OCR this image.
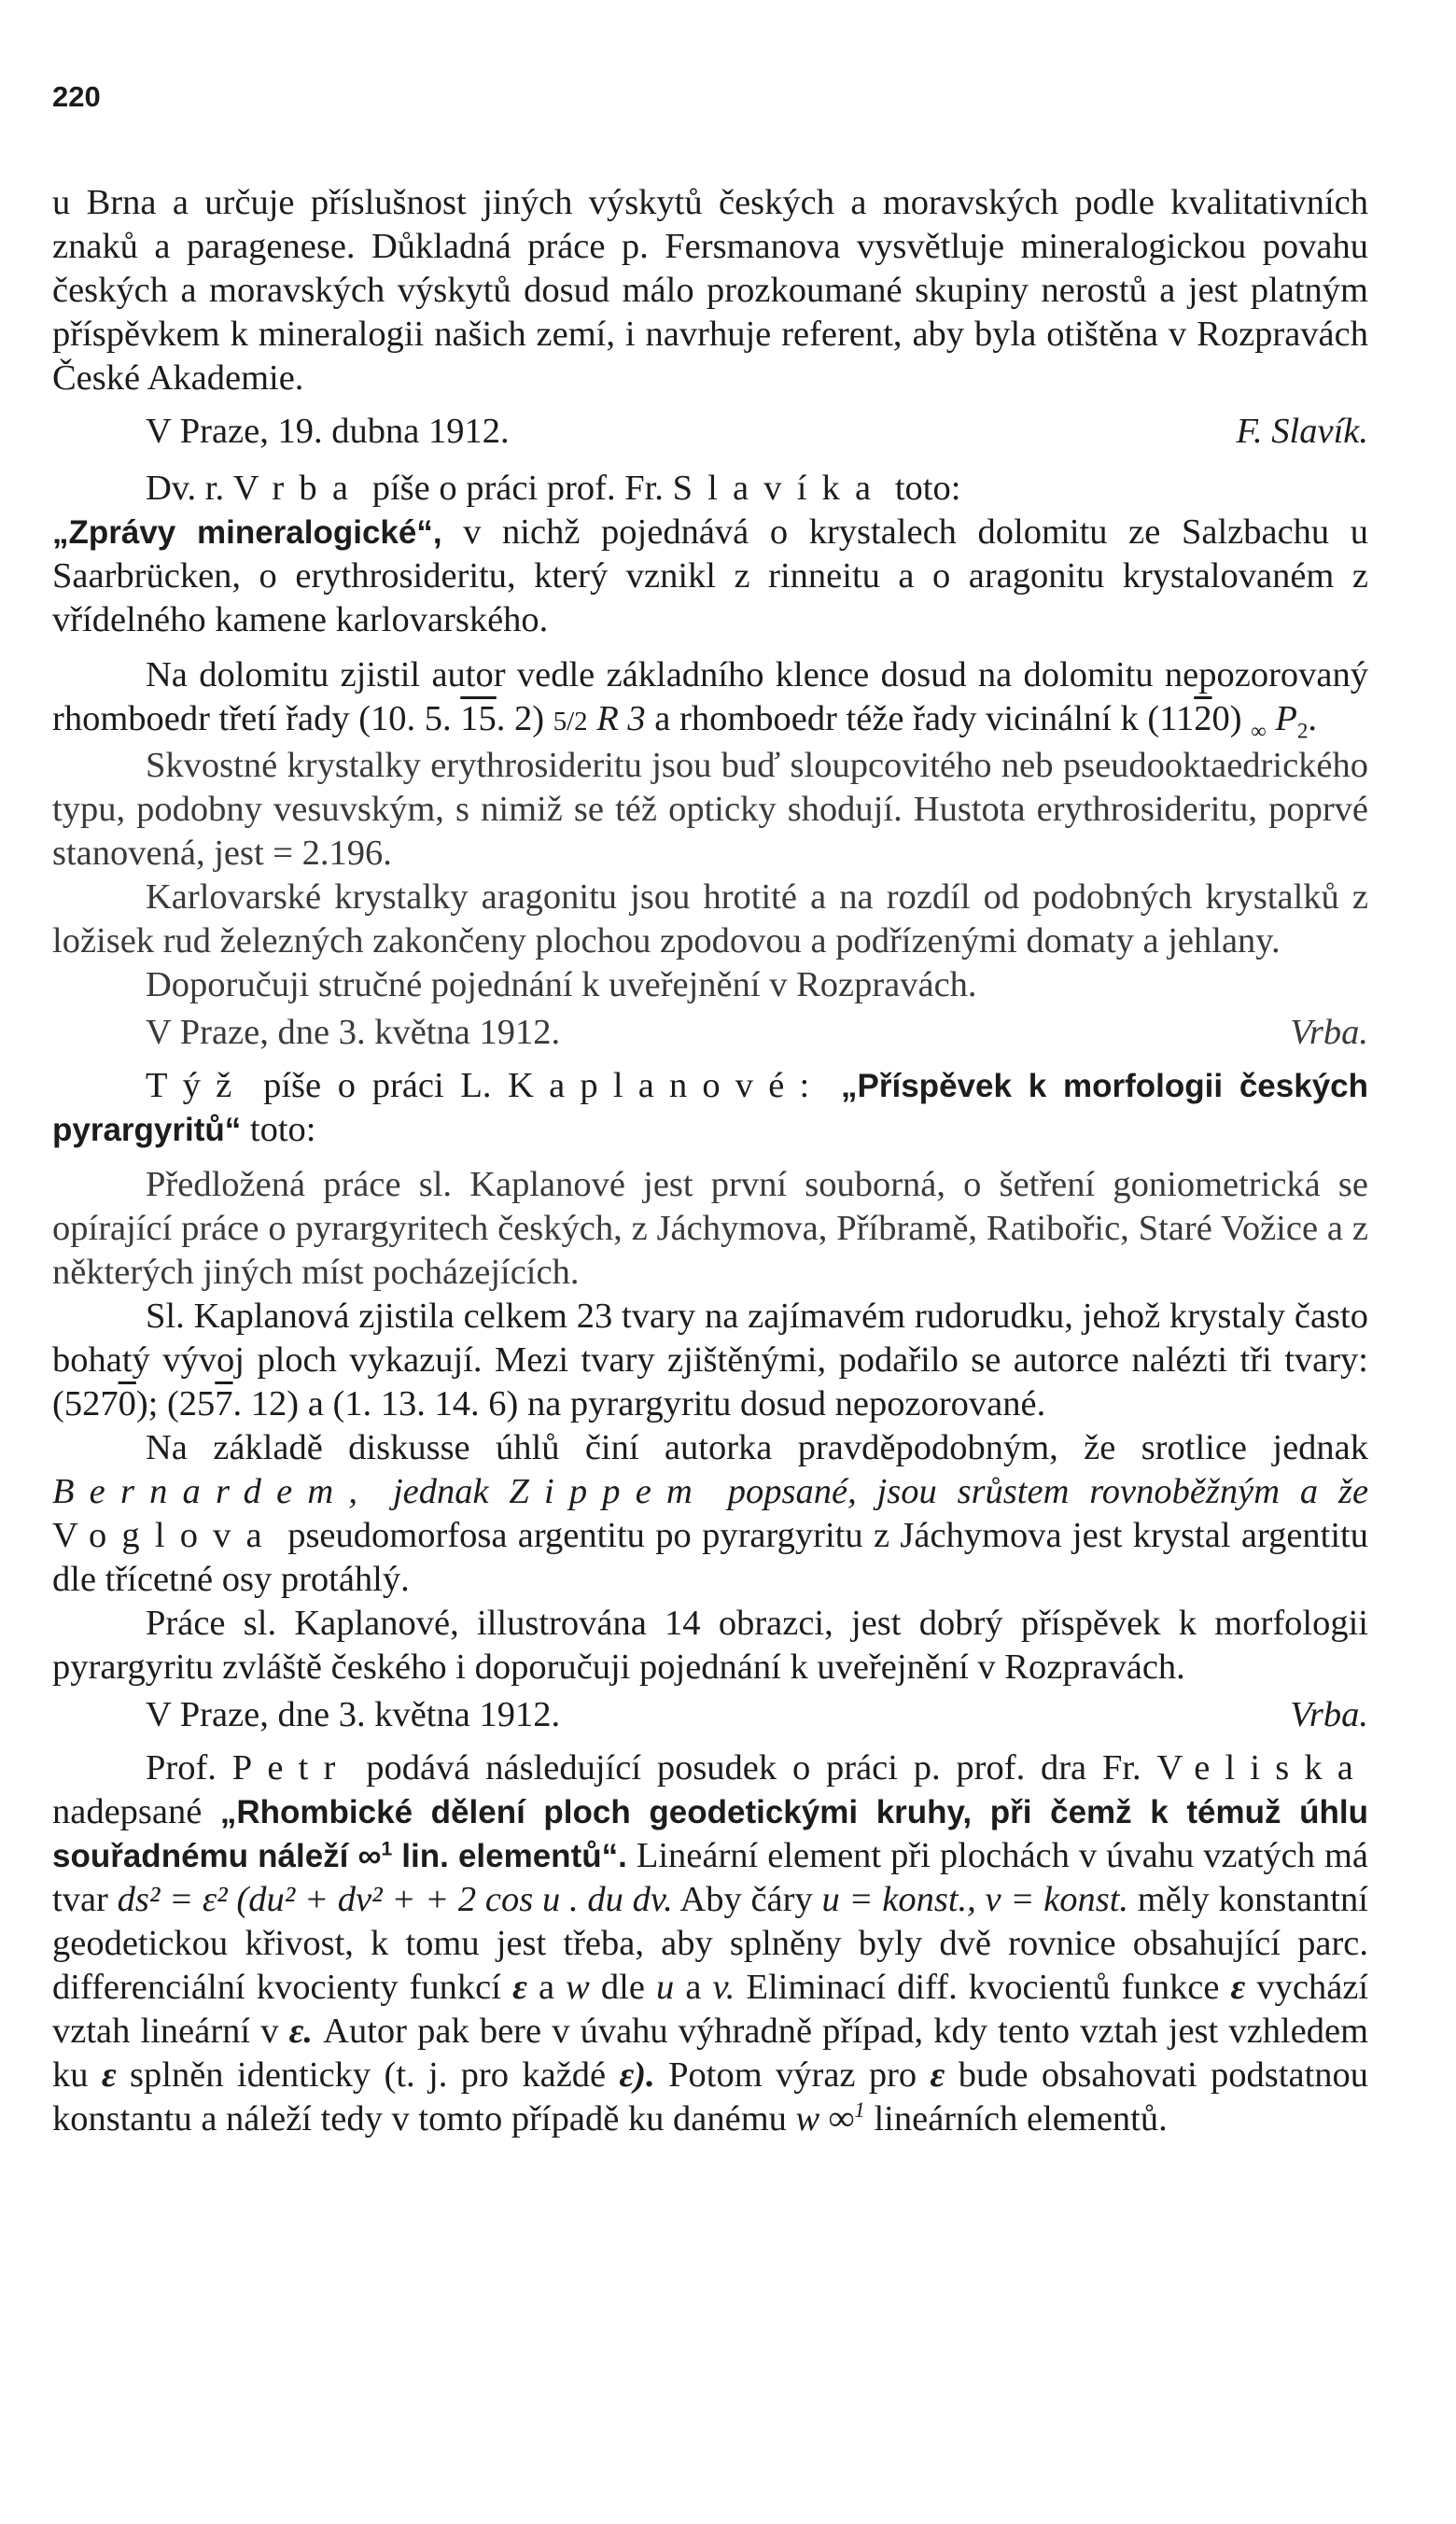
220

u Brna a určuje příslušnost jiných výskytů českých a moravských podle kvalitativních znaků a paragenese. Důkladná práce p. Fersmanova vysvětluje mineralogickou povahu českých a moravských výskytů dosud málo prozkoumané skupiny nerostů a jest platným příspěvkem k mineralogii našich zemí, i navrhuje referent, aby byla otištěna v Rozpravách České Akademie.

V Praze, 19. dubna 1912.	F. Slavík.

Dv. r. Vrba píše o práci prof. Fr. Slavíka toto:

„Zprávy mineralogické“, v nichž pojednává o krystalech dolomitu ze Salzbachu u Saarbrücken, o erythrosideritu, který vznikl z rinneitu a o aragonitu krystalovaném z vřídelného kamene karlovarského.

Na dolomitu zjistil autor vedle základního klence dosud na dolomitu nepozorovaný rhomboedr třetí řady (10. 5. 15. 2) 5/2 R 3 a rhomboedr téže řady vicinální k (1120) $_\infty$ $P_2$.

Skvostné krystalky erythrosideritu jsou buď sloupcovitého neb pseudooktaedrického typu, podobny vesuvským, s nimiž se též opticky shodují. Hustota erythrosideritu, poprvé stanovená, jest = 2.196.

Karlovarské krystalky aragonitu jsou hrotité a na rozdíl od podobných krystalků z ložisek rud železných zakončeny plochou zpodovou a podřízenými domaty a jehlany.

Doporučuji stručné pojednání k uveřejnění v Rozpravách.

V Praze, dne 3. května 1912.	Vrba.

Týž píše o práci L. Kaplanové: „Příspěvek k morfologii českých pyrargyritů“ toto:

Předložená práce sl. Kaplanové jest první souborná, o šetření goniometrická se opírající práce o pyrargyritech českých, z Jáchymova, Příbramě, Ratibořic, Staré Vožice a z některých jiných míst pocházejících.

Sl. Kaplanová zjistila celkem 23 tvary na zajímavém rudorudku, jehož krystaly často bohatý vývoj ploch vykazují. Mezi tvary zjištěnými, podařilo se autorce nalézti tři tvary: (5270); (257. 12) a (1. 13. 14. 6) na pyrargyritu dosud nepozorované.

Na základě diskusse úhlů činí autorka pravděpodobným, že srotlice jednak Bernardem, jednak Zippem popsané, jsou srůstem rovnoběžným a že Voglova pseudomorfosa argentitu po pyrargyritu z Jáchymova jest krystal argentitu dle třícetné osy protáhlý.

Práce sl. Kaplanové, illustrována 14 obrazci, jest dobrý příspěvek k morfologii pyrargyritu zvláště českého i doporučuji pojednání k uveřejnění v Rozpravách.

V Praze, dne 3. května 1912.	Vrba.

Prof. Petr podává následující posudek o práci p. prof. dra Fr. Veliska nadepsané „Rhombické dělení ploch geodetickými kruhy, při čemž k témuž úhlu souřadnému náleží ∞$^1$ lin. elementů“. Lineární element při plochách v úvahu vzatých má tvar ds² = ε² (du² + dv² + + 2 cos u . du dv. Aby čáry u = konst., v = konst. měly konstantní geodetickou křivost, k tomu jest třeba, aby splněny byly dvě rovnice obsahující parc. differenciální kvocienty funkcí ε a w dle u a v. Eliminací diff. kvocientů funkce ε vychází vztah lineární v ε. Autor pak bere v úvahu výhradně případ, kdy tento vztah jest vzhledem ku ε splněn identicky (t. j. pro každé ε). Potom výraz pro ε bude obsahovati podstatnou konstantu a náleží tedy v tomto případě ku danému w ∞$^1$ lineárních elementů.
